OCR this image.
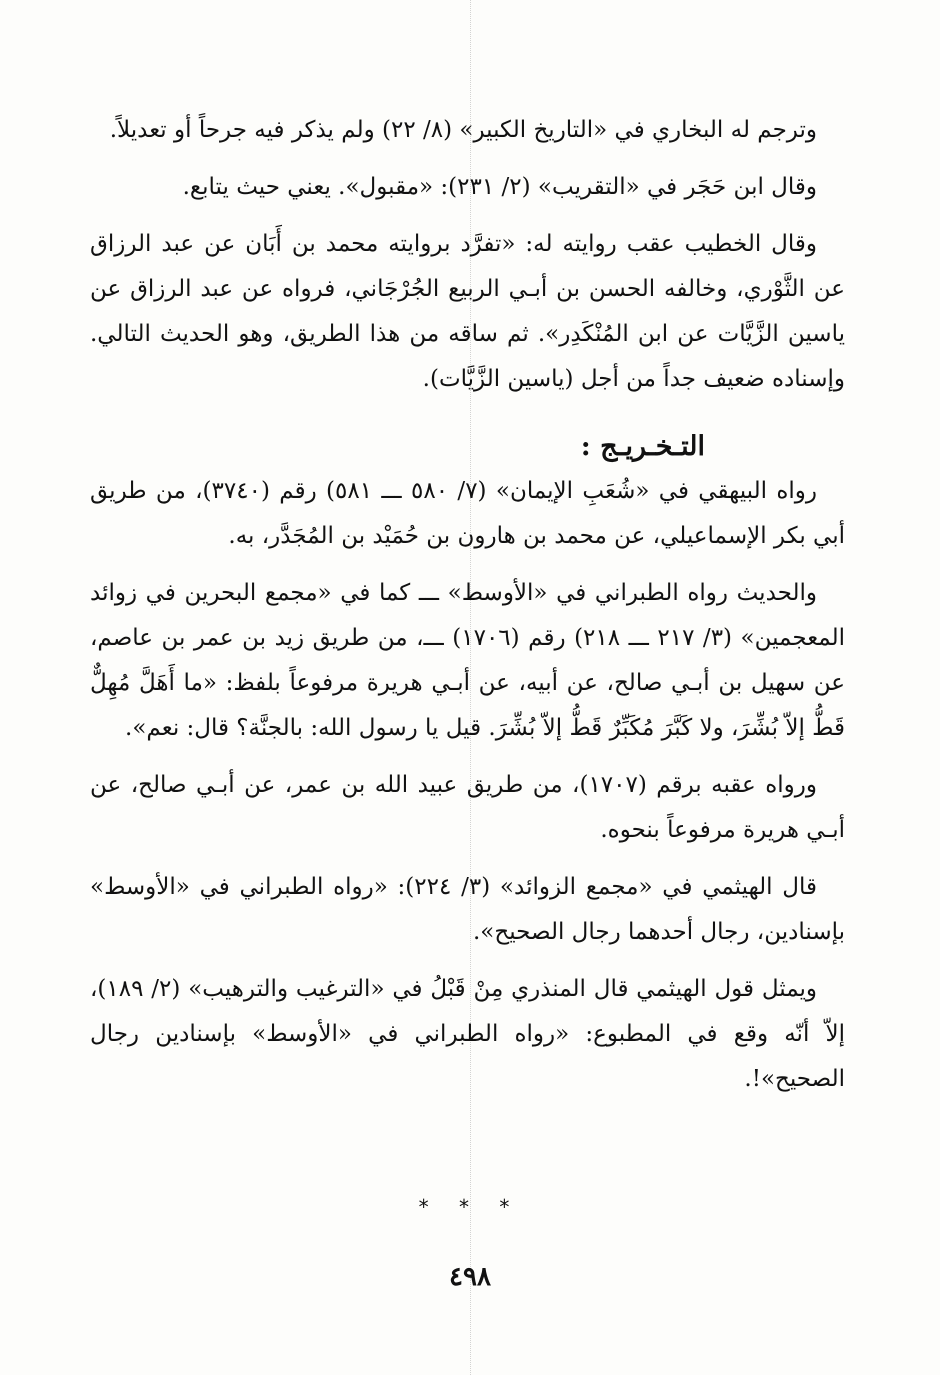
وترجم له البخاري في «التاريخ الكبير» (٨/ ٢٢) ولم يذكر فيه جرحاً أو تعديلاً.

وقال ابن حَجَر في «التقريب» (٢/ ٢٣١): «مقبول». يعني حيث يتابع.

وقال الخطيب عقب روايته له: «تفرَّد بروايته محمد بن أَبَان عن عبد الرزاق عن الثَّوْري، وخالفه الحسن بن أبـي الربيع الجُرْجَاني، فرواه عن عبد الرزاق عن ياسين الزَّيَّات عن ابن المُنْكَدِر». ثم ساقه من هذا الطريق، وهو الحديث التالي. وإسناده ضعيف جداً من أجل (ياسين الزَّيَّات).

التـخـريـج :

رواه البيهقي في «شُعَبِ الإيمان» (٧/ ٥٨٠ ـــ ٥٨١) رقم (٣٧٤٠)، من طريق أبي بكر الإسماعيلي، عن محمد بن هارون بن حُمَيْد بن المُجَدَّر، به.

والحديث رواه الطبراني في «الأوسط» ـــ كما في «مجمع البحرين في زوائد المعجمين» (٣/ ٢١٧ ـــ ٢١٨) رقم (١٧٠٦) ـــ، من طريق زيد بن عمر بن عاصم، عن سهيل بن أبـي صالح، عن أبيه، عن أبـي هريرة مرفوعاً بلفظ: «ما أَهَلَّ مُهِلٌّ قَطُّ إلاّ بُشِّرَ، ولا كَبَّرَ مُكَبِّرٌ قَطُّ إلاّ بُشِّرَ. قيل يا رسول الله: بالجنَّة؟ قال: نعم».

ورواه عقبه برقم (١٧٠٧)، من طريق عبيد الله بن عمر، عن أبـي صالح، عن أبـي هريرة مرفوعاً بنحوه.

قال الهيثمي في «مجمع الزوائد» (٣/ ٢٢٤): «رواه الطبراني في «الأوسط» بإسنادين، رجال أحدهما رجال الصحيح».

ويمثل قول الهيثمي قال المنذري مِنْ قَبْلُ في «الترغيب والترهيب» (٢/ ١٨٩)، إلاّ أنّه وقع في المطبوع: «رواه الطبراني في «الأوسط» بإسنادين رجال الصحيح»!.

* * *
٤٩٨
